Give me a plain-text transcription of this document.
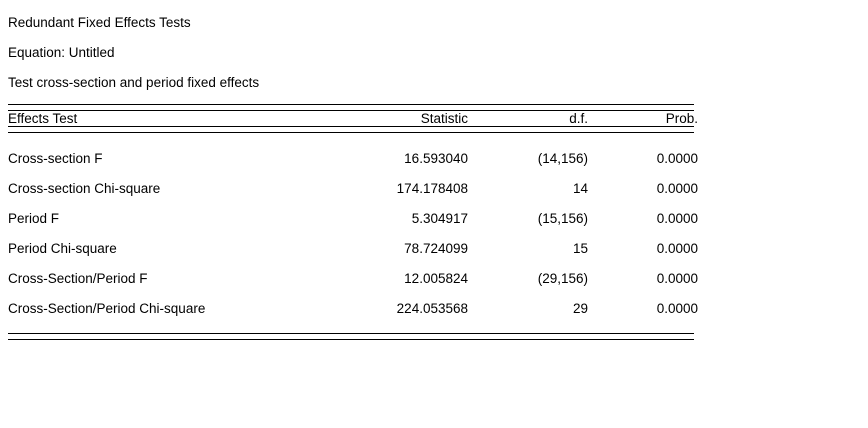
Redundant Fixed Effects Tests
Equation: Untitled
Test cross-section and period fixed effects
Effects Test	Statistic	d.f.	Prob.

Cross-section F	16.593040	(14,156)	0.0000
Cross-section Chi-square	174.178408	14	0.0000
Period F	5.304917	(15,156)	0.0000
Period Chi-square	78.724099	15	0.0000
Cross-Section/Period F	12.005824	(29,156)	0.0000
Cross-Section/Period Chi-square	224.053568	29	0.0000
